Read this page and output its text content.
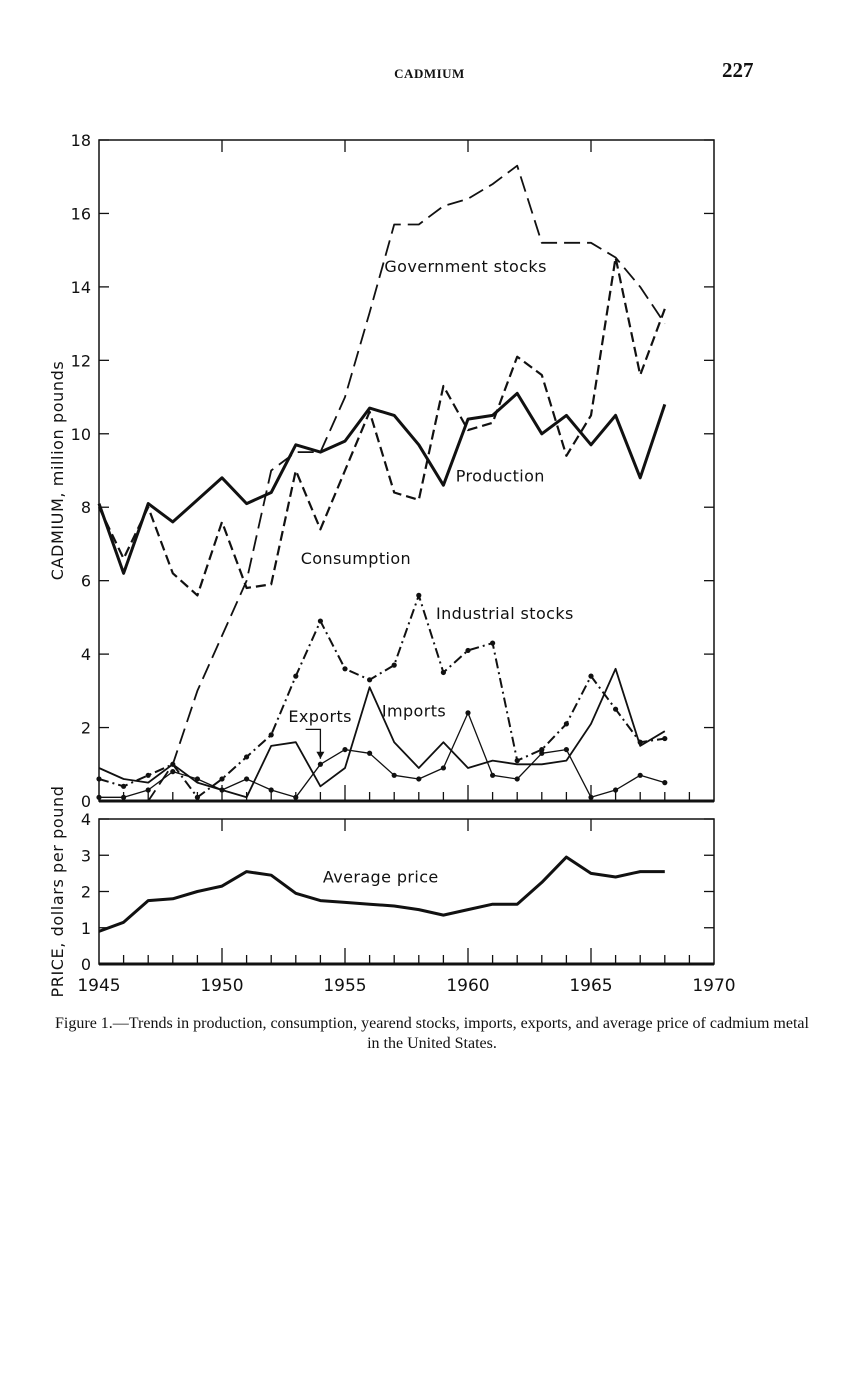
CADMIUM	227
0
2
4
6
8
10
12
14
16
18
CADMIUM, million pounds
Government stocks
Production
Consumption
Industrial stocks
Exports Imports
0
1
2
3
4
1945	1950	1955	1960	1965	1970
PRICE, dollars per pound	Average price
Figure 1.—Trends in production, consumption, yearend stocks, imports, exports, and average price of cadmium metal in the United States.
